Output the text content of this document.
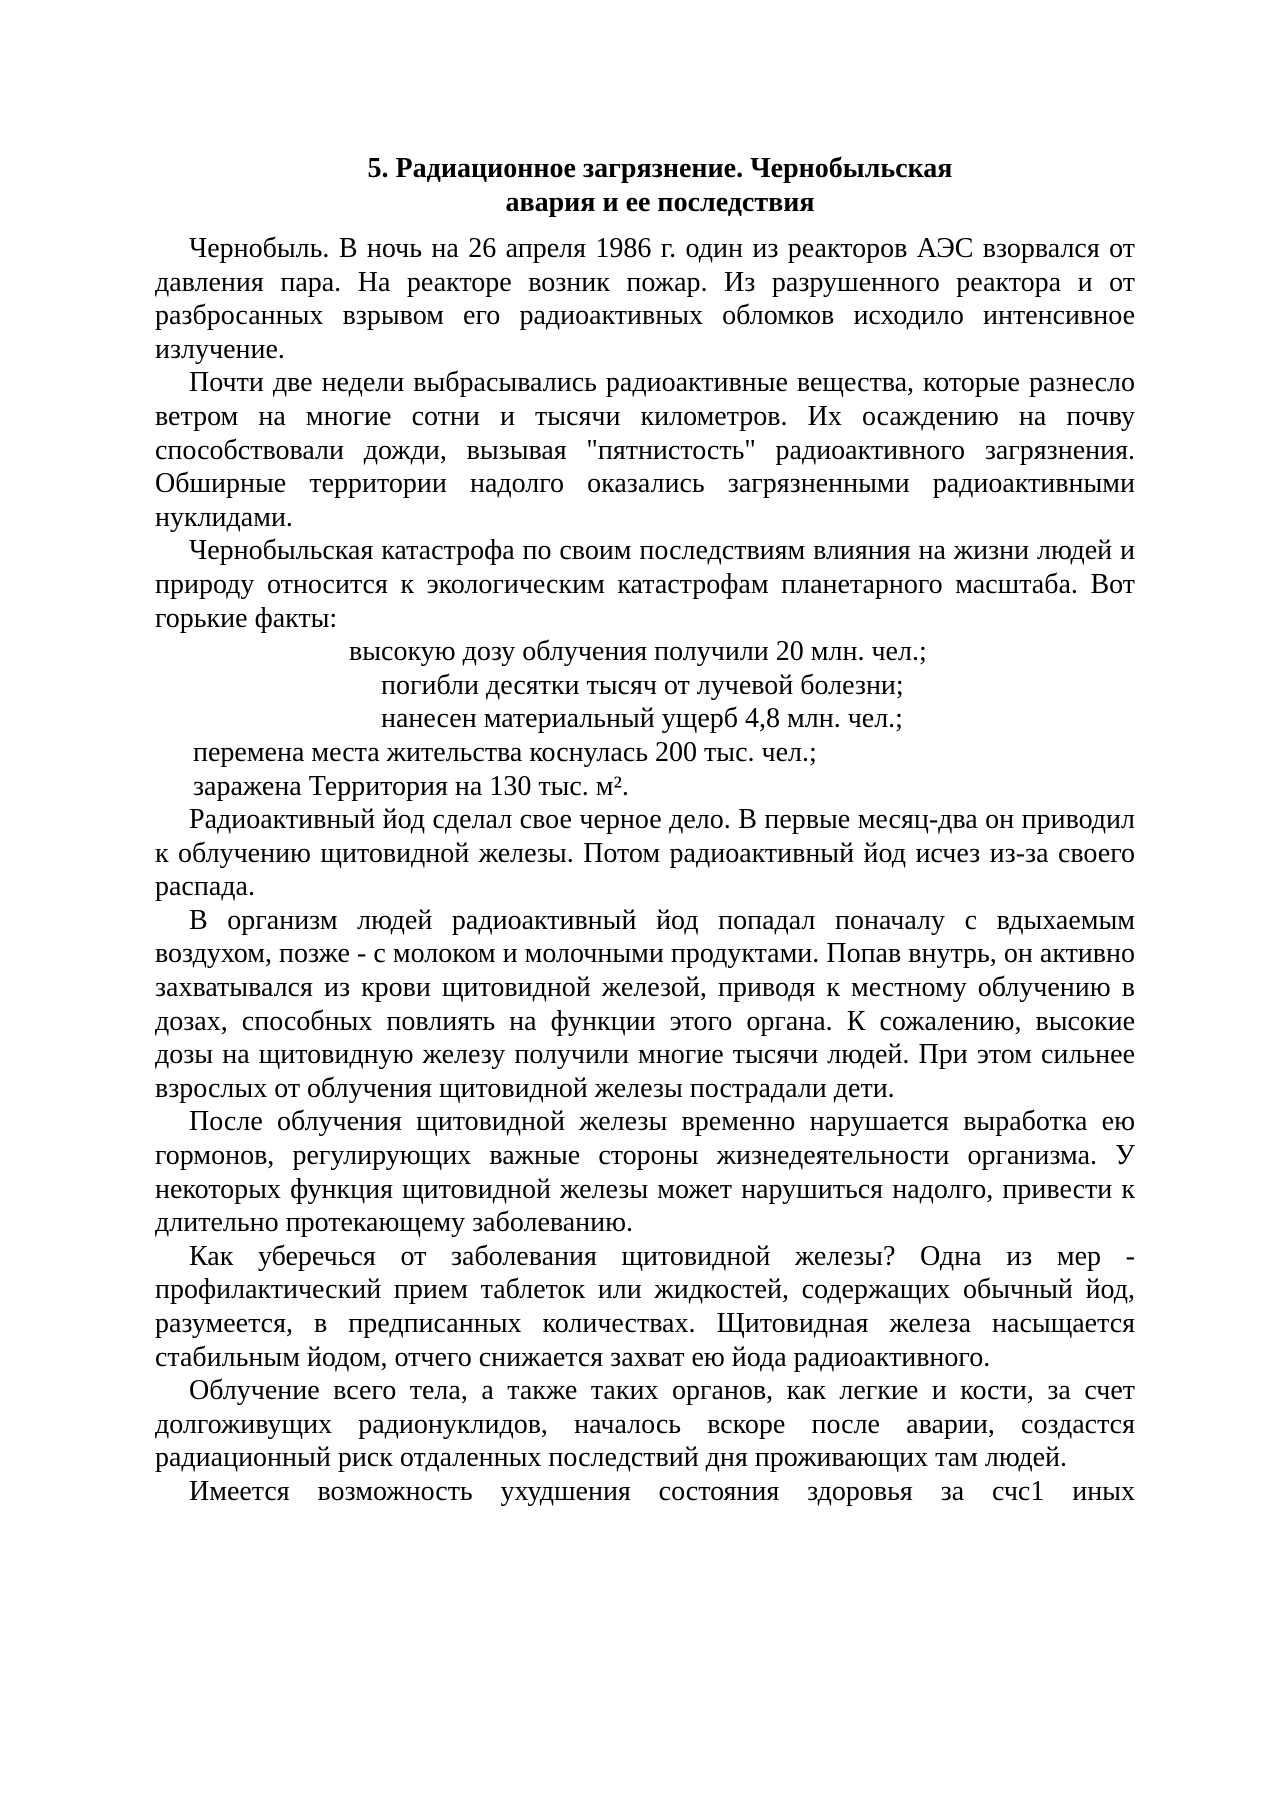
5. Радиационное загрязнение. Чернобыльская
авария и ее последствия

Чернобыль. В ночь на 26 апреля 1986 г. один из реакторов АЭС взорвался от давления пара. На реакторе возник пожар. Из разрушенного реактора и от разбросанных взрывом его радиоактивных обломков исходило интенсивное излучение.

Почти две недели выбрасывались радиоактивные вещества, которые разнесло ветром на многие сотни и тысячи километров. Их осаждению на почву способствовали дожди, вызывая "пятнистость" радиоактивного загрязнения. Обширные территории надолго оказались загрязненными радиоактивными нуклидами.

Чернобыльская катастрофа по своим последствиям влияния на жизни людей и природу относится к экологическим катастрофам планетарного масштаба. Вот горькие факты:

высокую дозу облучения получили 20 млн. чел.;

погибли десятки тысяч от лучевой болезни;

нанесен материальный ущерб 4,8 млн. чел.;

перемена места жительства коснулась 200 тыс. чел.;

заражена Территория на 130 тыс. м².

Радиоактивный йод сделал свое черное дело. В первые месяц-два он приводил к облучению щитовидной железы. Потом радиоактивный йод исчез из-за своего распада.

В организм людей радиоактивный йод попадал поначалу с вдыхаемым воздухом, позже - с молоком и молочными продуктами. Попав внутрь, он активно захватывался из крови щитовидной железой, приводя к местному облучению в дозах, способных повлиять на функции этого органа. К сожалению, высокие дозы на щитовидную железу получили многие тысячи людей. При этом сильнее взрослых от облучения щитовидной железы пострадали дети.

После облучения щитовидной железы временно нарушается выработка ею гормонов, регулирующих важные стороны жизнедеятельности организма. У некоторых функция щитовидной железы может нарушиться надолго, привести к длительно протекающему заболеванию.

Как уберечься от заболевания щитовидной железы? Одна из мер - профилактический прием таблеток или жидкостей, содержащих обычный йод, разумеется, в предписанных количествах. Щитовидная железа насыщается стабильным йодом, отчего снижается захват ею йода радиоактивного.

Облучение всего тела, а также таких органов, как легкие и кости, за счет долгоживущих радионуклидов, началось вскоре после аварии, создастся радиационный риск отдаленных последствий дня проживающих там людей.

Имеется возможность ухудшения состояния здоровья за счс1 иных
